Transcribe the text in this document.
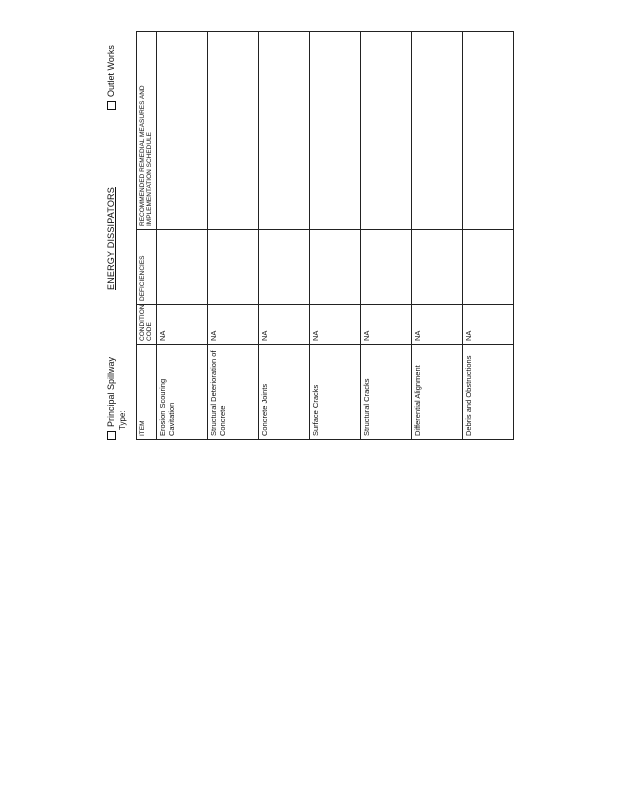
Principal Spillway Type:
ENERGY DISSIPATORS
Outlet Works
ITEM	CONDITION CODE	DEFICIENCIES	RECOMMENDED REMEDIAL MEASURES AND IMPLEMENTATION SCHEDULE
Erosion Scouring Cavitation	NA		
Structural Deterioration of Concrete	NA		
Concrete Joints	NA		
Surface Cracks	NA		
Structural Cracks	NA		
Differential Alignment	NA		
Debris and Obstructions	NA		
